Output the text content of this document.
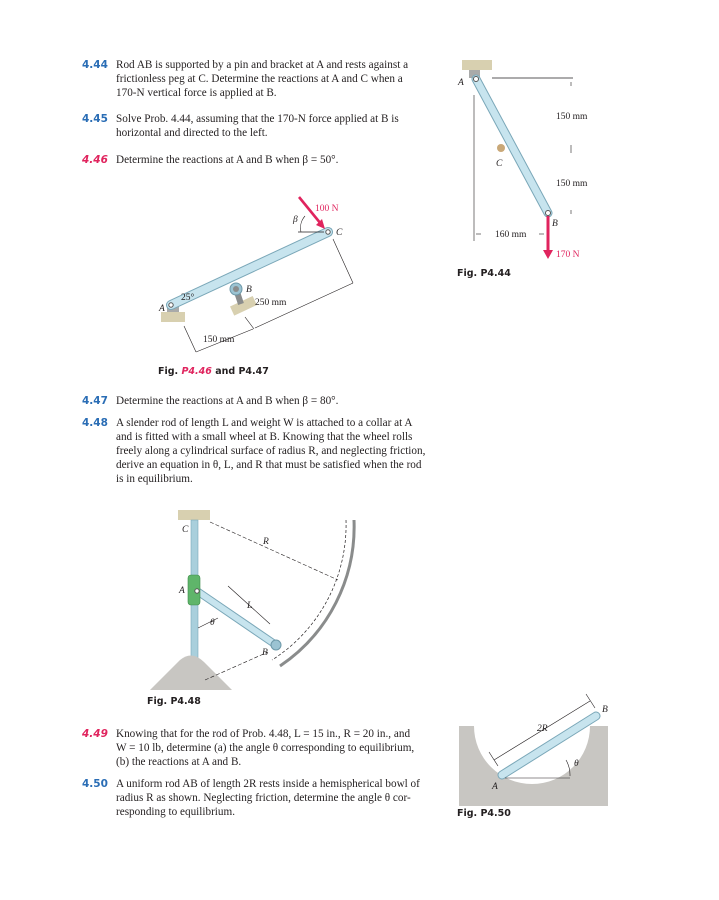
4.44 Rod AB is supported by a pin and bracket at A and rests against a
frictionless peg at C. Determine the reactions at A and C when a
170-N vertical force is applied at B.
4.45 Solve Prob. 4.44, assuming that the 170-N force applied at B is
horizontal and directed to the left.
4.46 Determine the reactions at A and B when β = 50°.
4.47 Determine the reactions at A and B when β = 80°.
4.48 A slender rod of length L and weight W is attached to a collar at A
and is fitted with a small wheel at B. Knowing that the wheel rolls
freely along a cylindrical surface of radius R, and neglecting friction,
derive an equation in θ, L, and R that must be satisfied when the rod
is in equilibrium.
4.49 Knowing that for the rod of Prob. 4.48, L = 15 in., R = 20 in., and
W = 10 lb, determine (a) the angle θ corresponding to equilibrium,
(b) the reactions at A and B.
4.50 A uniform rod AB of length 2R rests inside a hemispherical bowl of
radius R as shown. Neglecting friction, determine the angle θ cor-
responding to equilibrium.
Fig. P4.44
Fig. P4.46 and P4.47
Fig. P4.48
Fig. P4.50
A
C
B
150 mm
150 mm
160 mm
170 N
A
B
C
25°
β
100 N
250 mm
150 mm
C
A
B
L
R
θ
A
B
2R
θ
